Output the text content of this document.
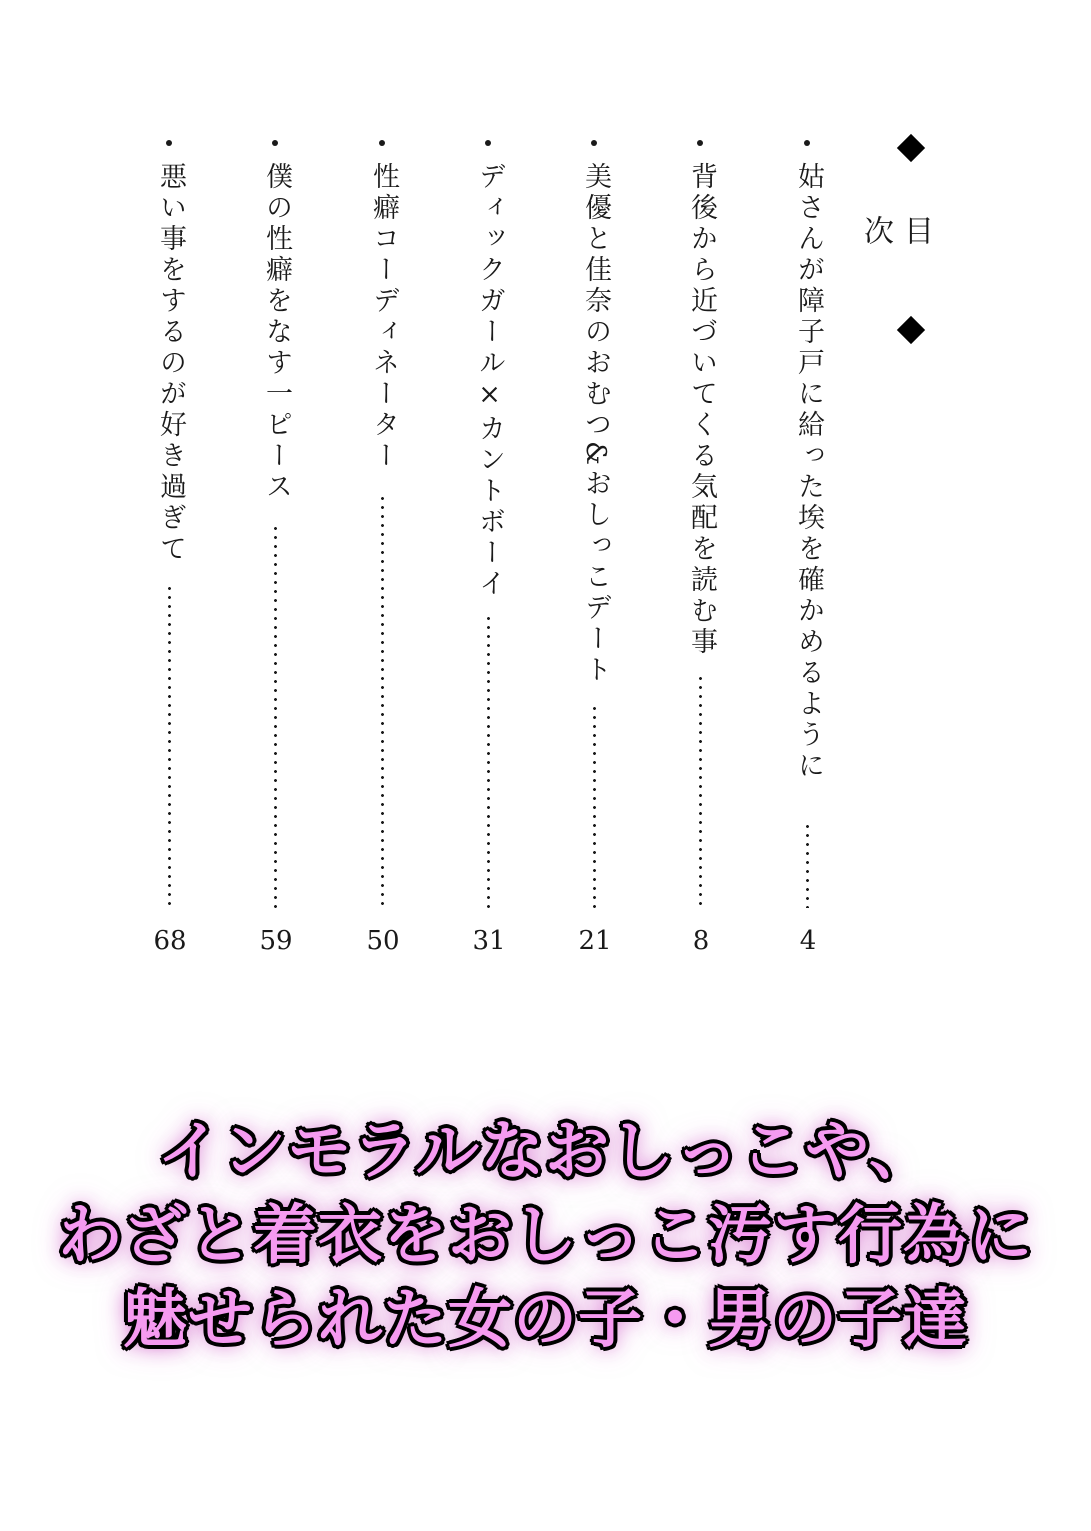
目 次
姑さんが障子戸に給った埃を確かめるように
4
背後から近づいてくる気配を読む事
8
美優と佳奈のおむつ&おしっこデート
21
ディックガール×カントボーイ
31
性癖コーディネーター
50
僕の性癖をなす一ピース
59
悪い事をするのが好き過ぎて
68
インモラルなおしっこや、
わざと着衣をおしっこ汚す行為に
魅せられた女の子・男の子達
